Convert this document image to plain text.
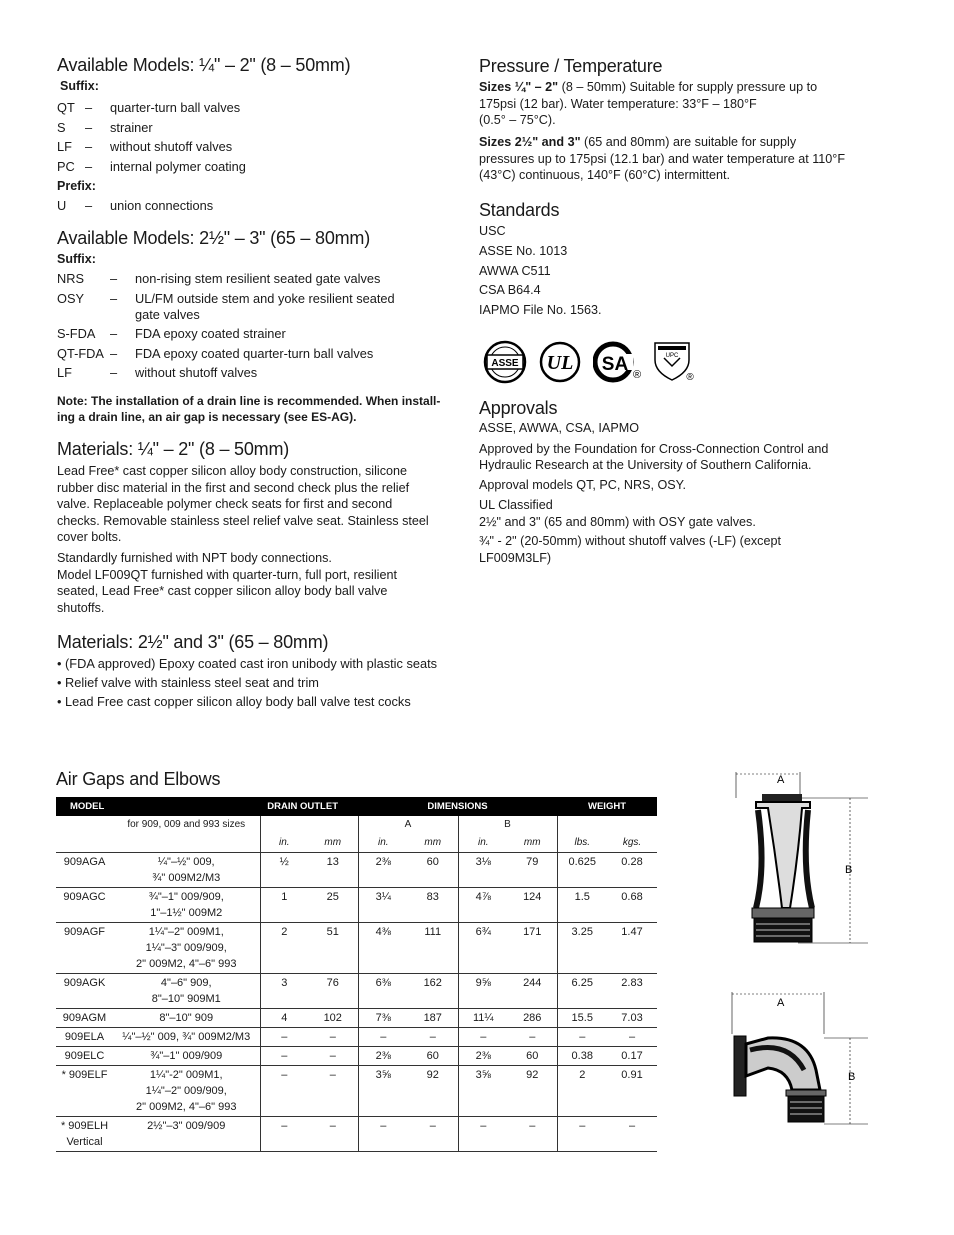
Available Models: ¼" – 2" (8 – 50mm)
Suffix:
QT –	quarter-turn ball valves
S	–	strainer
LF	–	without shutoff valves
PC –	internal polymer coating
Prefix:
U	–	union connections
Available Models: 2½" – 3" (65 – 80mm)
Suffix:
NRS	–	non-rising stem resilient seated gate valves
OSY	–	UL/FM outside stem and yoke resilient seated
gate valves
S-FDA	–	FDA epoxy coated strainer
QT-FDA –	FDA epoxy coated quarter-turn ball valves
LF	–	without shutoff valves
Note: The installation of a drain line is recommended. When install-
ing a drain line, an air gap is necessary (see ES-AG).
Materials: ¼" – 2" (8 – 50mm)
Lead Free* cast copper silicon alloy body construction, silicone
rubber disc material in the first and second check plus the relief
valve. Replaceable polymer check seats for first and second
checks. Removable stainless steel relief valve seat. Stainless steel
cover bolts.
Standardly furnished with NPT body connections.
Model LF009QT furnished with quarter-turn, full port, resilient
seated, Lead Free* cast copper silicon alloy body ball valve
shutoffs.
Materials: 2½" and 3" (65 – 80mm)
• (FDA approved) Epoxy coated cast iron unibody with plastic seats
• Relief valve with stainless steel seat and trim
• Lead Free cast copper silicon alloy body ball valve test cocks
Pressure / Temperature
Sizes ¼" – 2" (8 – 50mm) Suitable for supply pressure up to
175psi (12 bar). Water temperature: 33°F – 180°F
(0.5° – 75°C).
Sizes 2½" and 3" (65 and 80mm) are suitable for supply
pressures up to 175psi (12.1 bar) and water temperature at 110°F
(43°C) continuous, 140°F (60°C) intermittent.
Standards
USC
ASSE No. 1013
AWWA C511
CSA B64.4
IAPMO File No. 1563.
ASSE UL SA ®
UPC
®
Approvals
ASSE, AWWA, CSA, IAPMO
Approved by the Foundation for Cross-Connection Control and
Hydraulic Research at the University of Southern California.
Approval models QT, PC, NRS, OSY.
UL Classified
2½" and 3" (65 and 80mm) with OSY gate valves.
¾" - 2" (20-50mm) without shutoff valves (-LF) (except
LF009M3LF)
Air Gaps and Elbows
MODEL		DRAIN OUTLET		DIMENSIONS				WEIGHT	
	for 909, 009 and 993 sizes			A		B			
		in.	mm	in.	mm	in.	mm	lbs.	kgs.

909AGA	¼"–½" 009,
¾" 009M2/M3	½	13	2⅜	60	3⅛	79	0.625	0.28

909AGC	¾"–1" 009/909,
1"–1½" 009M2	1	25	3¼	83	4⅞	124	1.5	0.68

909AGF	1¼"–2" 009M1,
1¼"–3" 009/909,
2" 009M2, 4"–6" 993	2	51	4⅜	111	6¾	171	3.25	1.47

909AGK	4"–6" 909,
8"–10" 909M1	3	76	6⅜	162	9⅝	244	6.25	2.83

909AGM	8"–10" 909	4	102	7⅜	187	11¼	286	15.5	7.03

909ELA	¼"–½" 009, ¾" 009M2/M3	–	–	–	–	–	–	–	–

909ELC	¾"–1" 009/909	–	–	2⅜	60	2⅜	60	0.38	0.17

* 909ELF	1¼"-2" 009M1,
1¼"–2" 009/909,
2" 009M2, 4"–6" 993	–	–	3⅝	92	3⅝	92	2	0.91

* 909ELH
Vertical	2½"–3" 009/909	–	–	–	–	–	–	–	–
A
B
A
B
